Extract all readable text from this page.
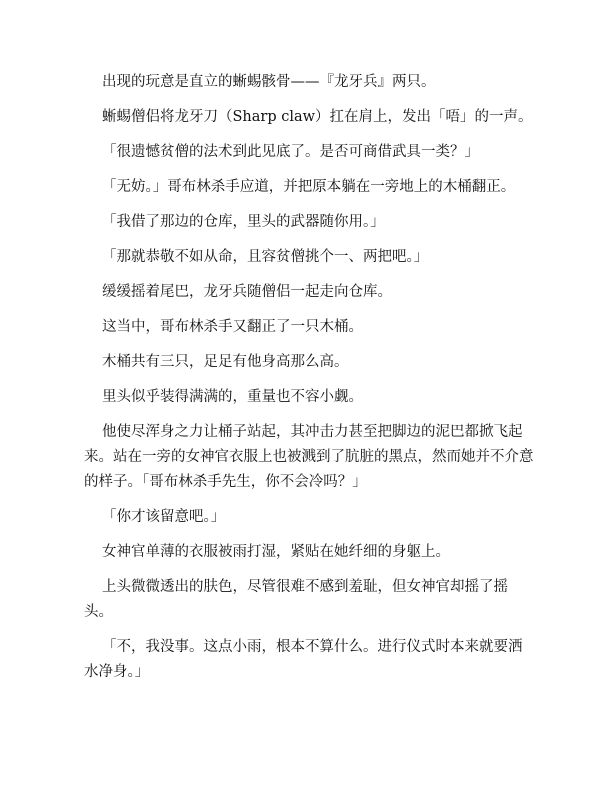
出现的玩意是直立的蜥蜴骸骨——『龙牙兵』两只。

蜥蜴僧侣将龙牙刀（Sharp claw）扛在肩上，发出「唔」的一声。

「很遗憾贫僧的法术到此见底了。是否可商借武具一类？」

「无妨。」哥布林杀手应道，并把原本躺在一旁地上的木桶翻正。

「我借了那边的仓库，里头的武器随你用。」

「那就恭敬不如从命，且容贫僧挑个一、两把吧。」

缓缓摇着尾巴，龙牙兵随僧侣一起走向仓库。

这当中，哥布林杀手又翻正了一只木桶。

木桶共有三只，足足有他身高那么高。

里头似乎装得满满的，重量也不容小觑。

他使尽浑身之力让桶子站起，其冲击力甚至把脚边的泥巴都掀飞起来。站在一旁的女神官衣服上也被溅到了肮脏的黑点，然而她并不介意的样子。「哥布林杀手先生，你不会冷吗？」

「你才该留意吧。」

女神官单薄的衣服被雨打湿，紧贴在她纤细的身躯上。

上头微微透出的肤色，尽管很难不感到羞耻，但女神官却摇了摇头。

「不，我没事。这点小雨，根本不算什么。进行仪式时本来就要洒水净身。」
